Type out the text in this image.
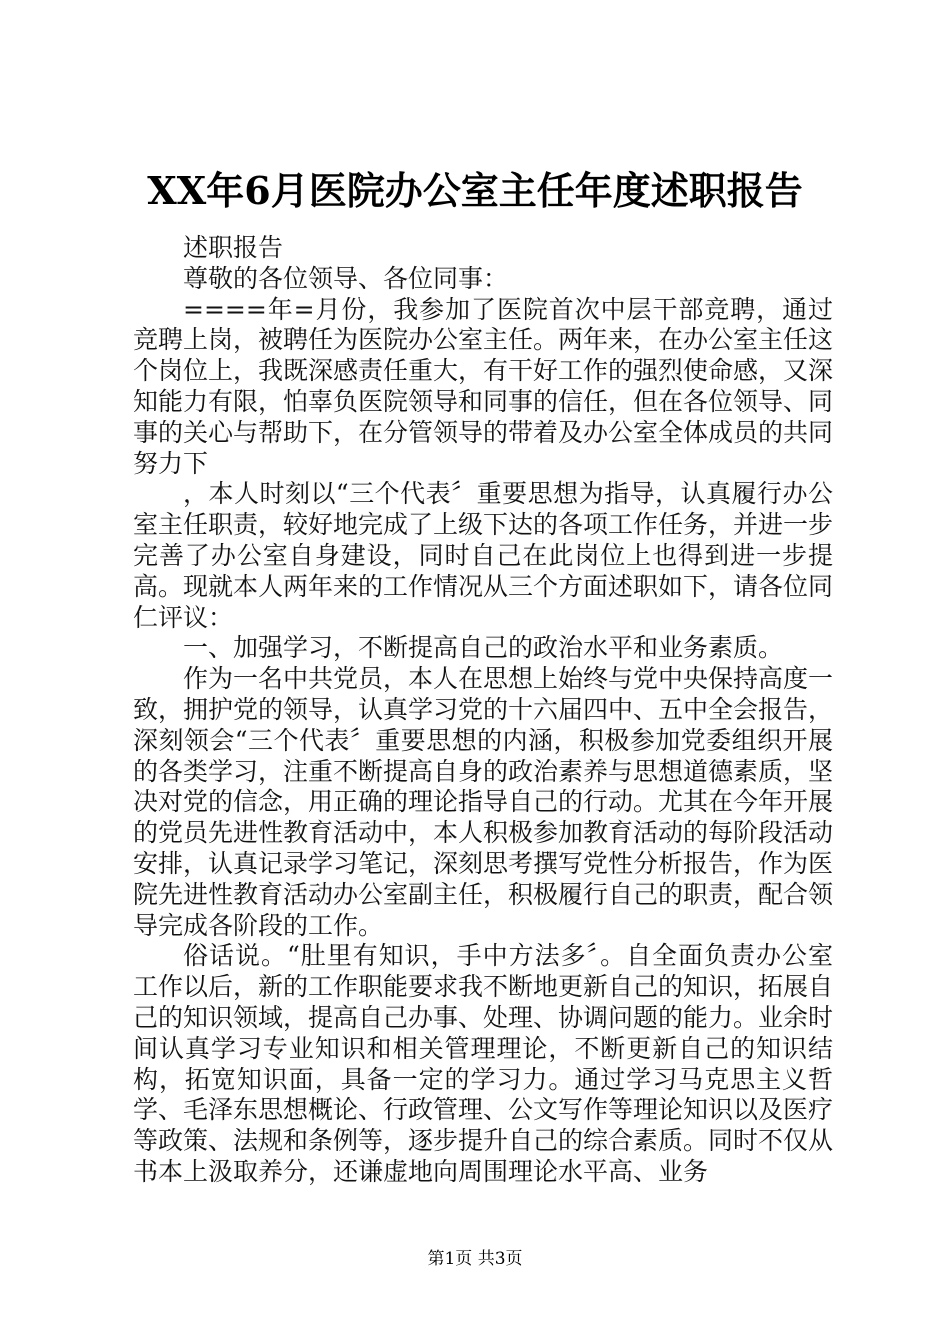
XX年6月医院办公室主任年度述职报告

述职报告

尊敬的各位领导、各位同事：

====年=月份，我参加了医院首次中层干部竞聘，通过竞聘上岗，被聘任为医院办公室主任。两年来，在办公室主任这个岗位上，我既深感责任重大，有干好工作的强烈使命感，又深知能力有限，怕辜负医院领导和同事的信任，但在各位领导、同事的关心与帮助下，在分管领导的带着及办公室全体成员的共同努力下

，本人时刻以“三个代表〞重要思想为指导，认真履行办公室主任职责，较好地完成了上级下达的各项工作任务，并进一步完善了办公室自身建设，同时自己在此岗位上也得到进一步提高。现就本人两年来的工作情况从三个方面述职如下，请各位同仁评议：

一、加强学习，不断提高自己的政治水平和业务素质。

作为一名中共党员，本人在思想上始终与党中央保持高度一致，拥护党的领导，认真学习党的十六届四中、五中全会报告，深刻领会“三个代表〞重要思想的内涵，积极参加党委组织开展的各类学习，注重不断提高自身的政治素养与思想道德素质，坚决对党的信念，用正确的理论指导自己的行动。尤其在今年开展的党员先进性教育活动中，本人积极参加教育活动的每阶段活动安排，认真记录学习笔记，深刻思考撰写党性分析报告，作为医院先进性教育活动办公室副主任，积极履行自己的职责，配合领导完成各阶段的工作。

俗话说。“肚里有知识，手中方法多〞。自全面负责办公室工作以后，新的工作职能要求我不断地更新自己的知识，拓展自己的知识领域，提高自己办事、处理、协调问题的能力。业余时间认真学习专业知识和相关管理理论，不断更新自己的知识结构，拓宽知识面，具备一定的学习力。通过学习马克思主义哲学、毛泽东思想概论、行政管理、公文写作等理论知识以及医疗等政策、法规和条例等，逐步提升自己的综合素质。同时不仅从书本上汲取养分，还谦虚地向周围理论水平高、业务

第1页 共3页
